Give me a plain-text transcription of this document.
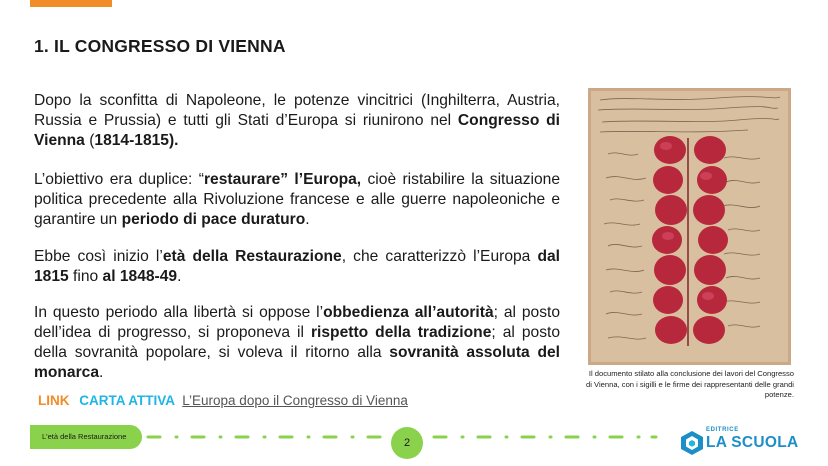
1. IL CONGRESSO DI VIENNA
Dopo la sconfitta di Napoleone, le potenze vincitrici (Inghilterra, Austria, Russia e Prussia) e tutti gli Stati d’Europa si riunirono nel Congresso di Vienna (1814-1815).
L’obiettivo era duplice: “restaurare” l’Europa, cioè ristabilire la situazione politica precedente alla Rivoluzione francese e alle guerre napoleoniche e garantire un periodo di pace duraturo.
Ebbe così inizio l’età della Restaurazione, che caratterizzò l’Europa dal 1815 fino al 1848-49.
In questo periodo alla libertà si oppose l’obbedienza all’autorità; al posto dell’idea di progresso, si proponeva il rispetto della tradizione; al posto della sovranità popolare, si voleva il ritorno alla sovranità assoluta del monarca.
LINK CARTA ATTIVA L’Europa dopo il Congresso di Vienna
Il documento stilato alla conclusione dei lavori del Congresso di Vienna, con i sigilli e le firme dei rappresentanti delle grandi potenze.
L'età della Restaurazione
2
EDITRICE
LA SCUOLA
